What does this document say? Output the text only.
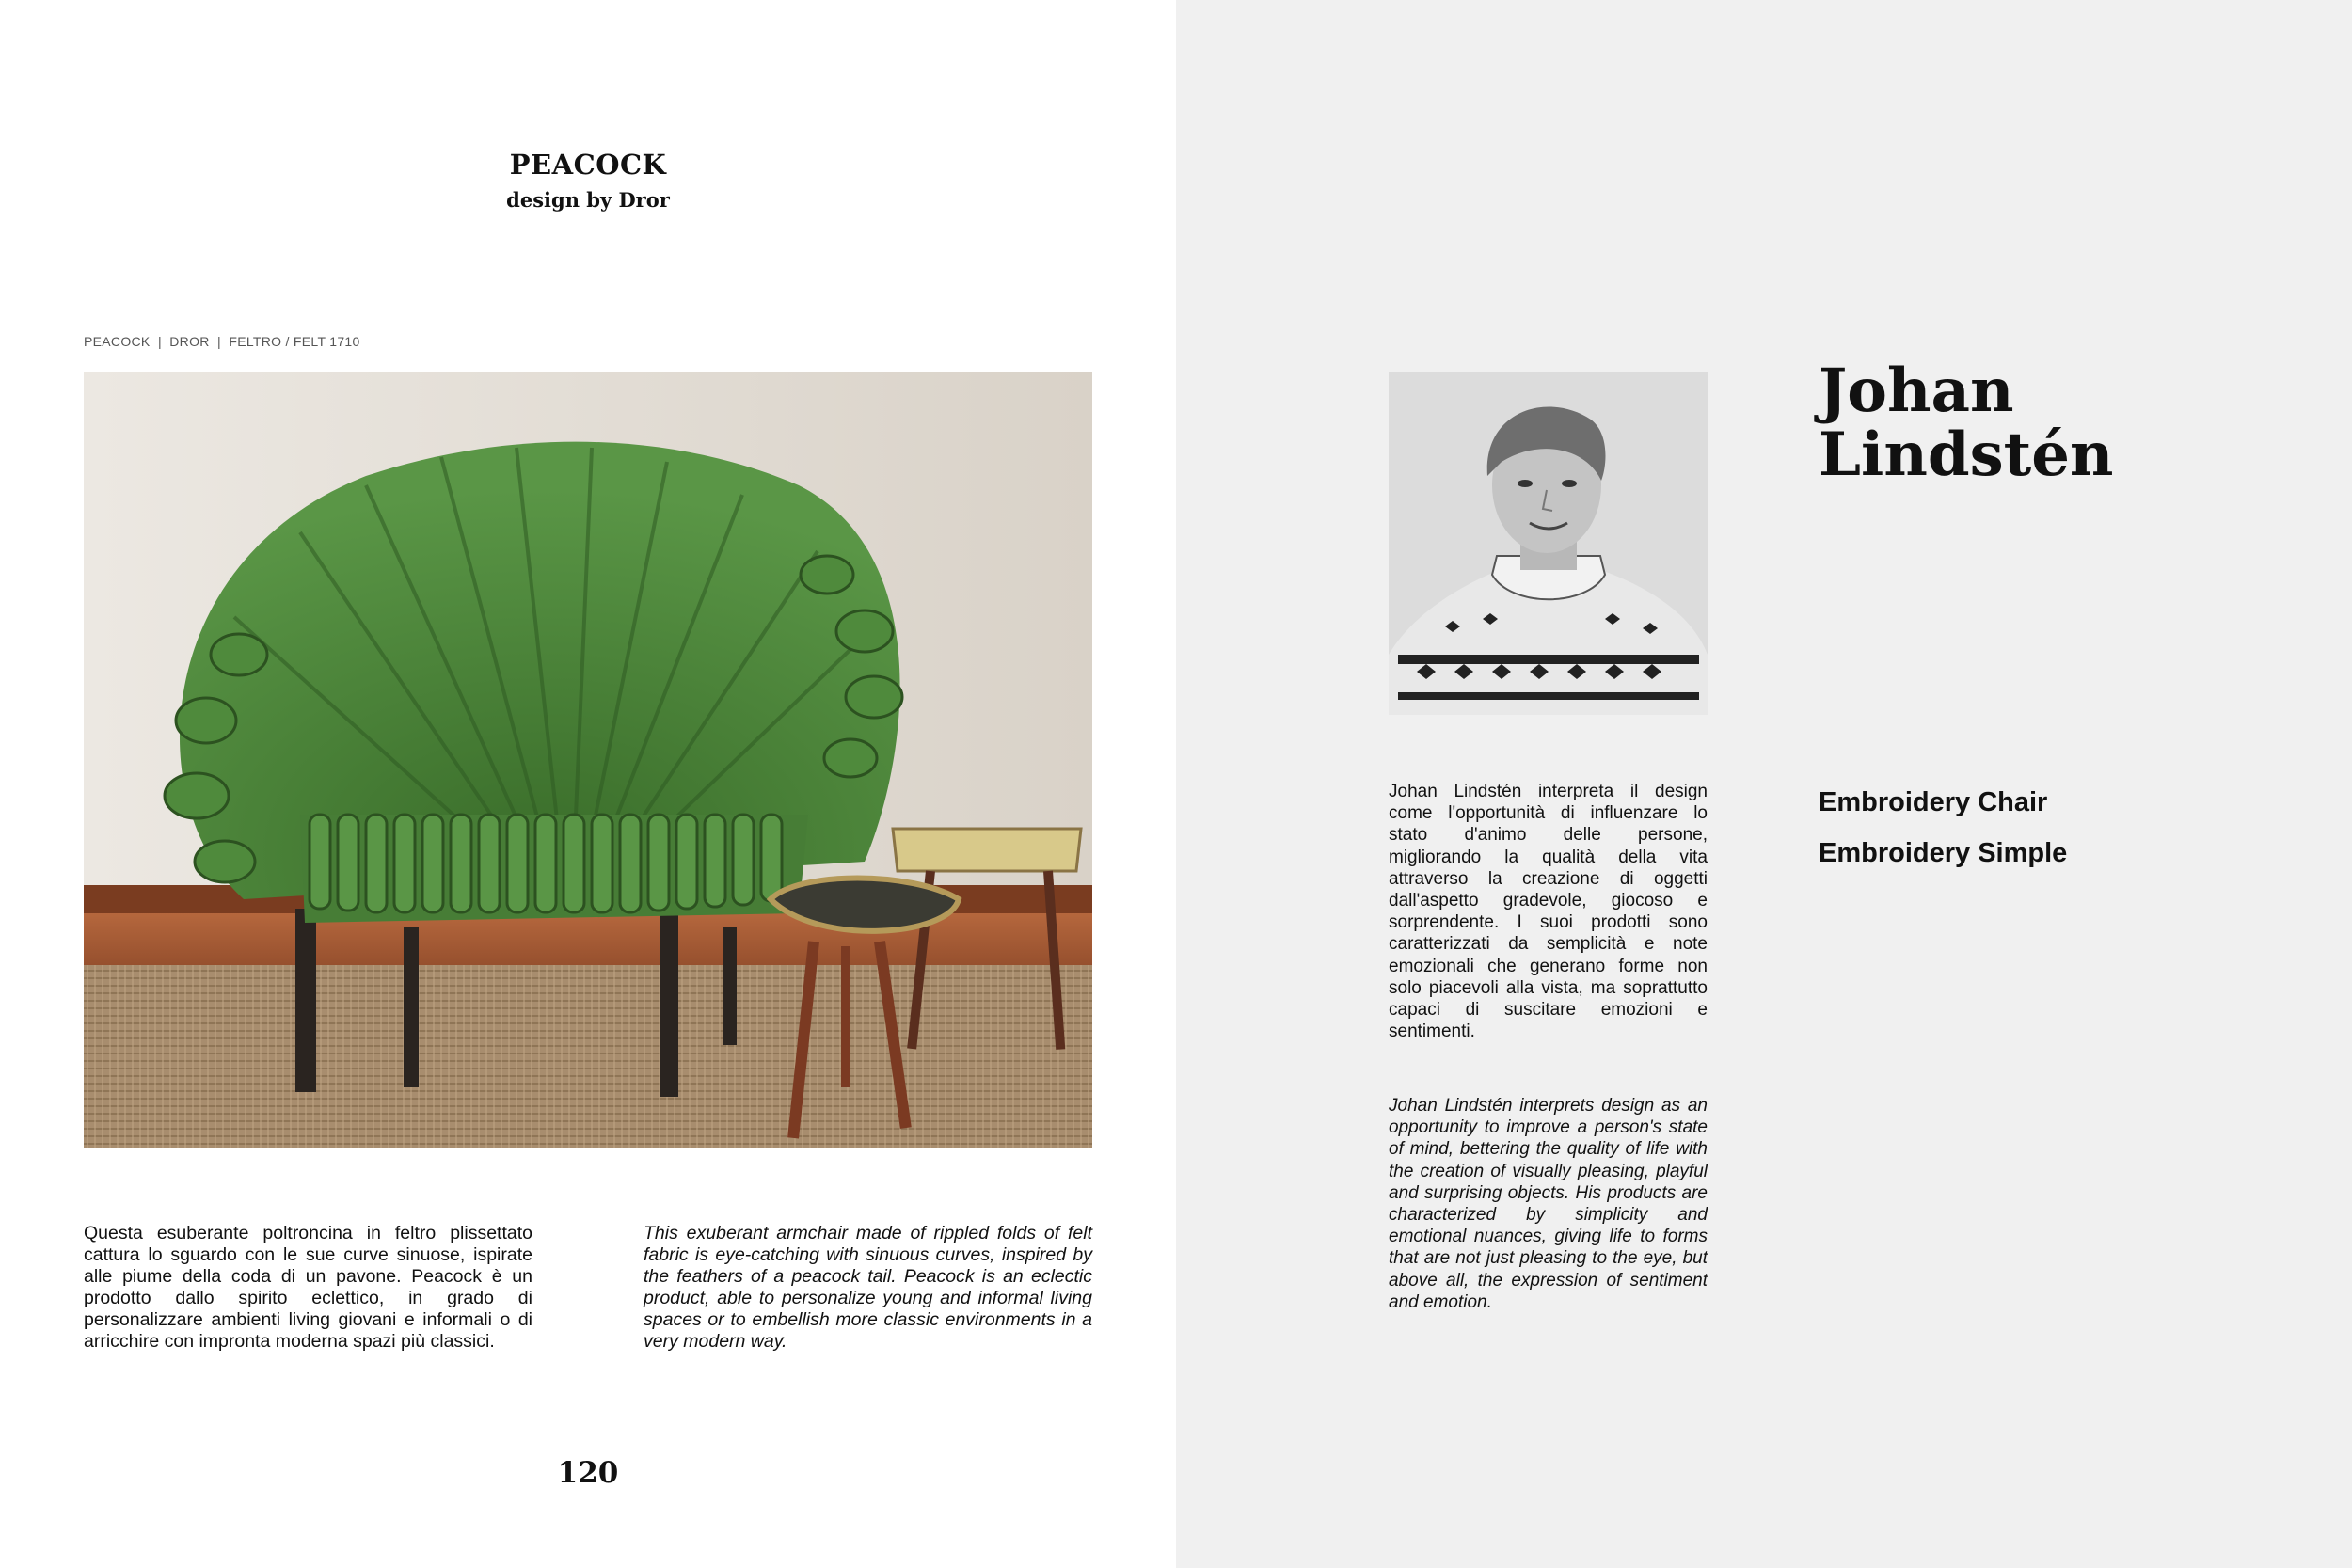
PEACOCK
design by Dror
PEACOCK  |  DROR  |  FELTRO / FELT 1710
Questa esuberante poltroncina in feltro plissettato cattura lo sguardo con le sue curve sinuose, ispirate alle piume della coda di un pavone. Peacock è un prodotto dallo spirito eclettico, in grado di personalizzare ambienti living giovani e informali o di arricchire con impronta moderna spazi più classici.
This exuberant armchair made of rippled folds of felt fabric is eye-catching with sinuous curves, inspired by the feathers of a peacock tail. Peacock is an eclectic product, able to personalize young and informal living spaces or to embellish more classic environments in a very modern way.
120
Johan
Lindstén
Johan Lindstén interpreta il design come l'opportunità di influenzare lo stato d'animo delle persone, migliorando la qualità della vita attraverso la creazione di oggetti dall'aspetto gradevole, giocoso e sorprendente. I suoi prodotti sono caratterizzati da semplicità e note emozionali che generano forme non solo piacevoli alla vista, ma soprattutto capaci di suscitare emozioni e sentimenti.
Johan Lindstén interprets design as an opportunity to improve a person's state of mind, bettering the quality of life with the creation of visually pleasing, playful and surprising objects. His products are characterized by simplicity and emotional nuances, giving life to forms that are not just pleasing to the eye, but above all, the expression of sentiment and emotion.
Embroidery Chair
Embroidery Simple
